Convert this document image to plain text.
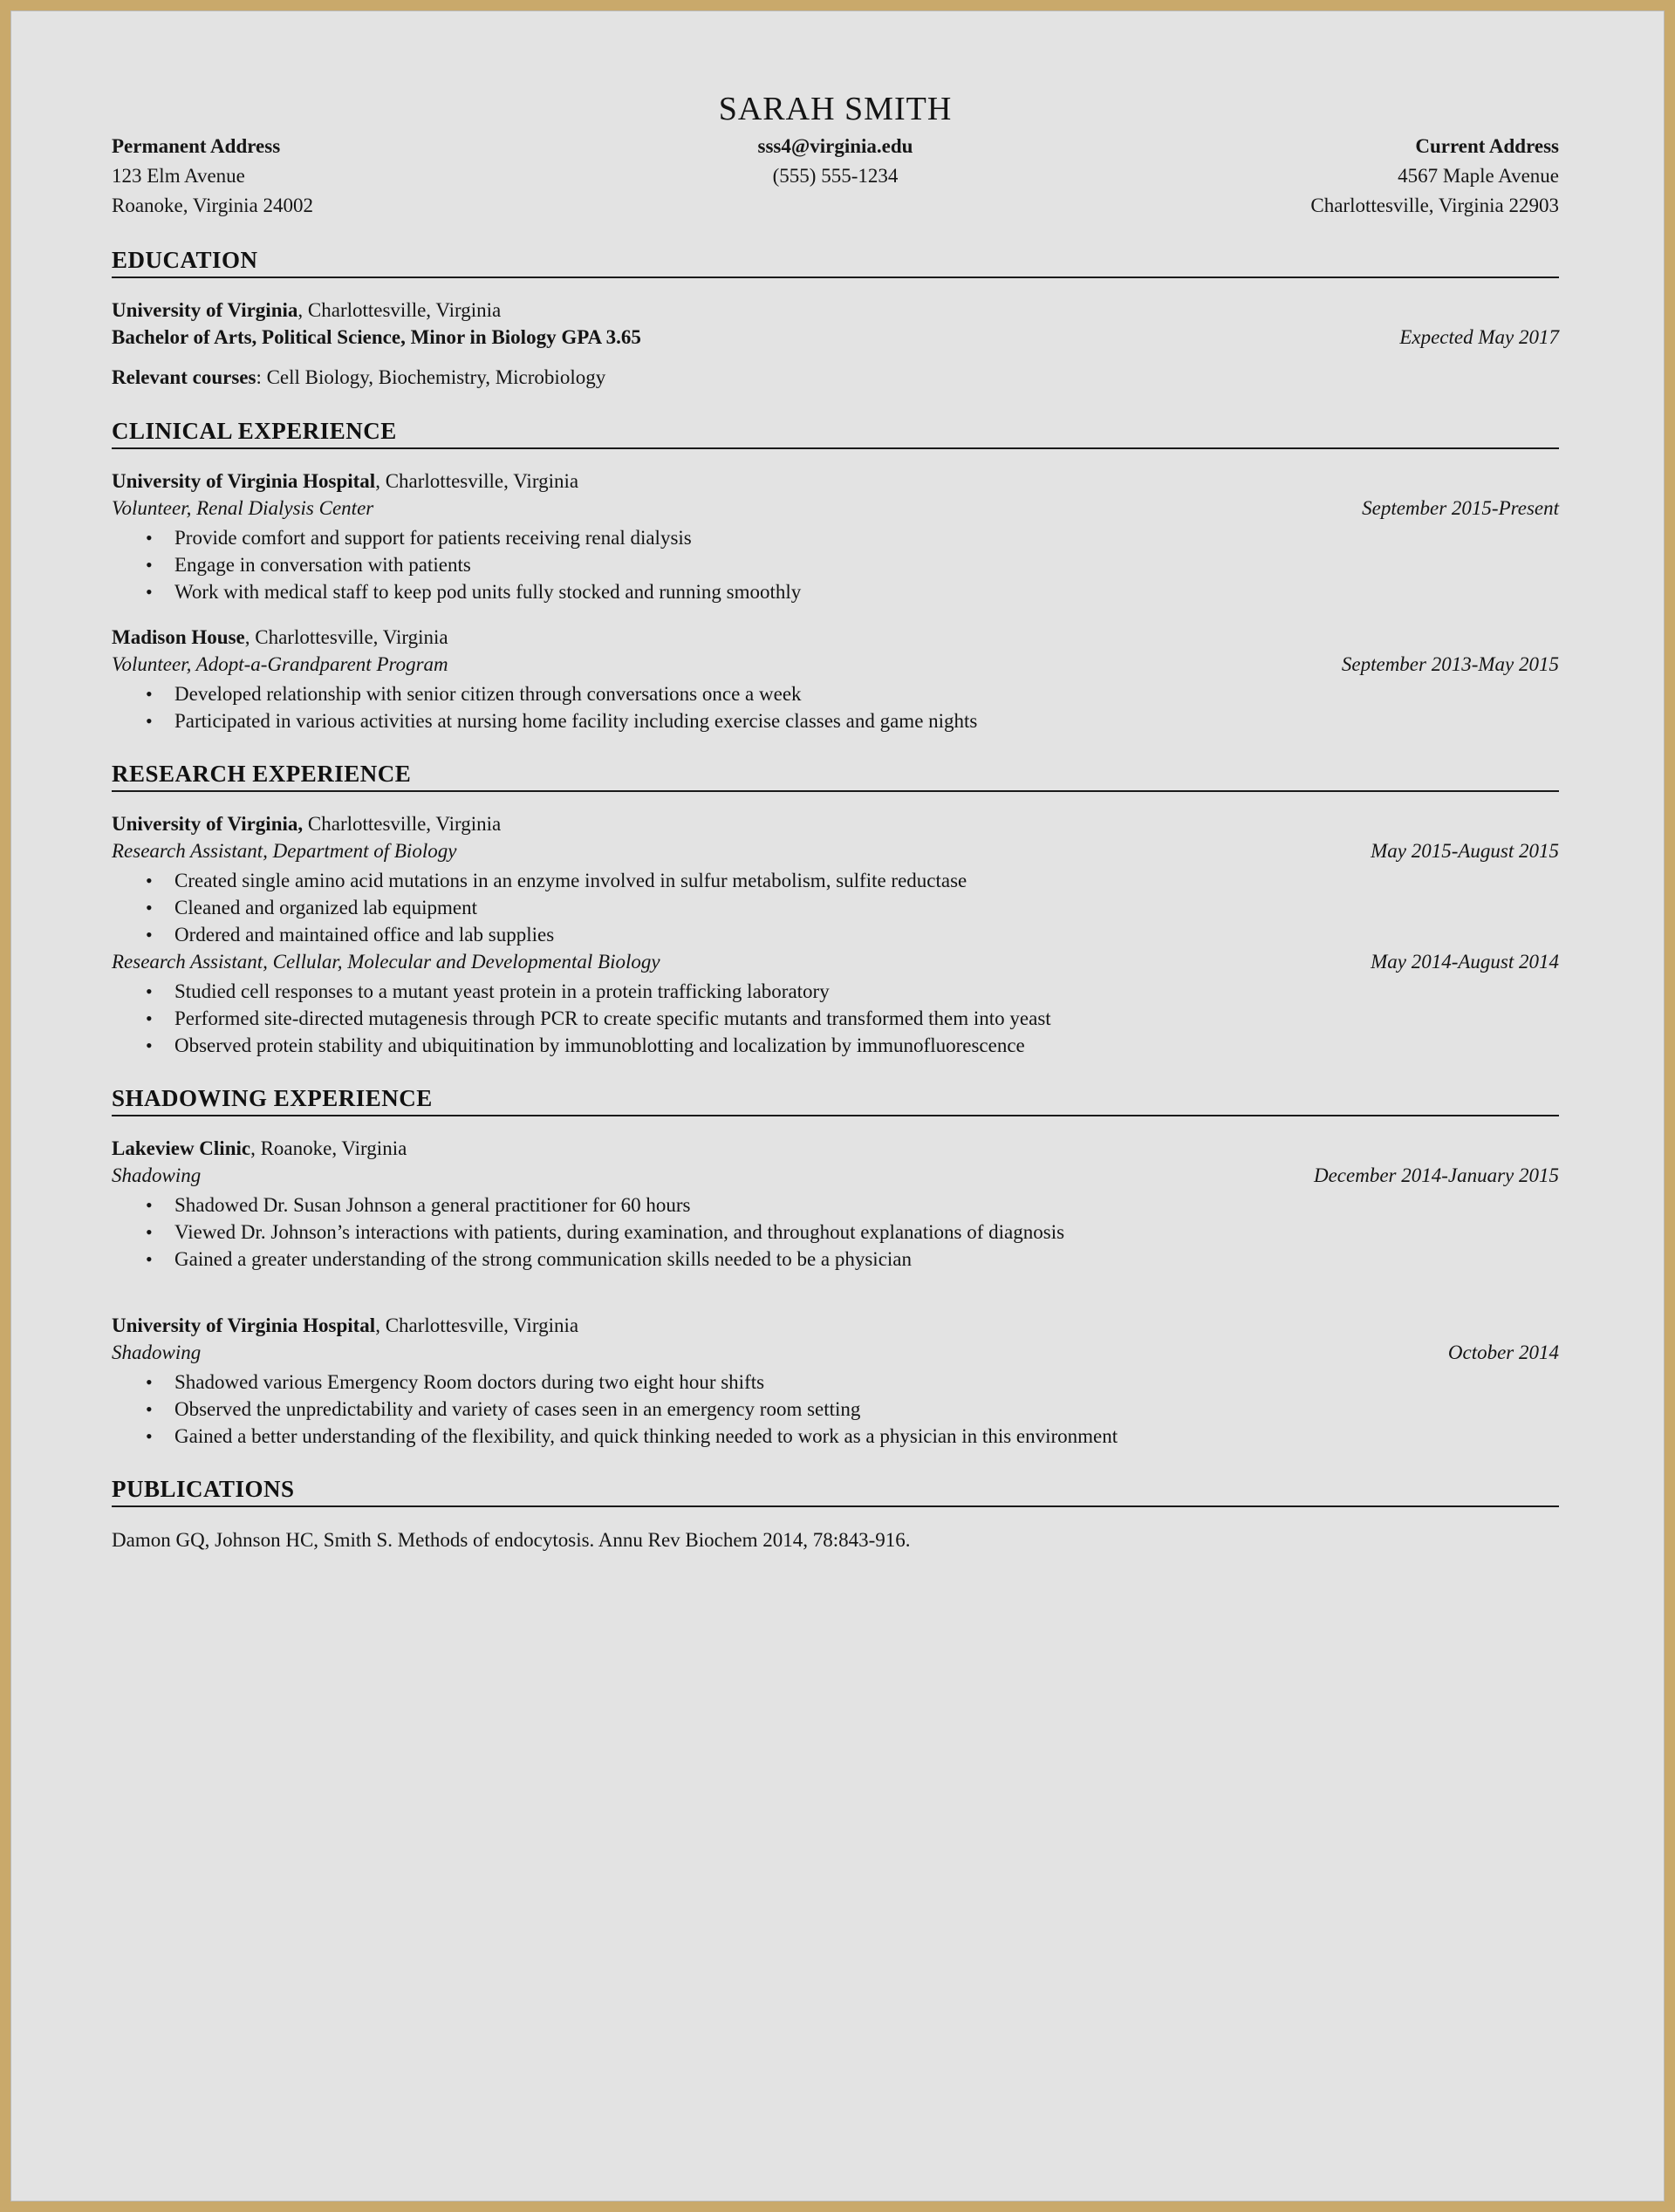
SARAH SMITH
Permanent Address
123 Elm Avenue
Roanoke, Virginia 24002
sss4@virginia.edu
(555) 555-1234
Current Address
4567 Maple Avenue
Charlottesville, Virginia 22903
EDUCATION
University of Virginia, Charlottesville, Virginia
Bachelor of Arts, Political Science, Minor in Biology GPA 3.65	Expected May 2017
Relevant courses: Cell Biology, Biochemistry, Microbiology
CLINICAL EXPERIENCE
University of Virginia Hospital, Charlottesville, Virginia
Volunteer, Renal Dialysis Center	September 2015-Present
• Provide comfort and support for patients receiving renal dialysis
• Engage in conversation with patients
• Work with medical staff to keep pod units fully stocked and running smoothly
Madison House, Charlottesville, Virginia
Volunteer, Adopt-a-Grandparent Program	September 2013-May 2015
• Developed relationship with senior citizen through conversations once a week
• Participated in various activities at nursing home facility including exercise classes and game nights
RESEARCH EXPERIENCE
University of Virginia, Charlottesville, Virginia
Research Assistant, Department of Biology	May 2015-August 2015
• Created single amino acid mutations in an enzyme involved in sulfur metabolism, sulfite reductase
• Cleaned and organized lab equipment
• Ordered and maintained office and lab supplies
Research Assistant, Cellular, Molecular and Developmental Biology	May 2014-August 2014
• Studied cell responses to a mutant yeast protein in a protein trafficking laboratory
• Performed site-directed mutagenesis through PCR to create specific mutants and transformed them into yeast
• Observed protein stability and ubiquitination by immunoblotting and localization by immunofluorescence
SHADOWING EXPERIENCE
Lakeview Clinic, Roanoke, Virginia
Shadowing	December 2014-January 2015
• Shadowed Dr. Susan Johnson a general practitioner for 60 hours
• Viewed Dr. Johnson’s interactions with patients, during examination, and throughout explanations of diagnosis
• Gained a greater understanding of the strong communication skills needed to be a physician
University of Virginia Hospital, Charlottesville, Virginia
Shadowing	October 2014
• Shadowed various Emergency Room doctors during two eight hour shifts
• Observed the unpredictability and variety of cases seen in an emergency room setting
• Gained a better understanding of the flexibility, and quick thinking needed to work as a physician in this environment
PUBLICATIONS
Damon GQ, Johnson HC, Smith S. Methods of endocytosis. Annu Rev Biochem 2014, 78:843-916.
